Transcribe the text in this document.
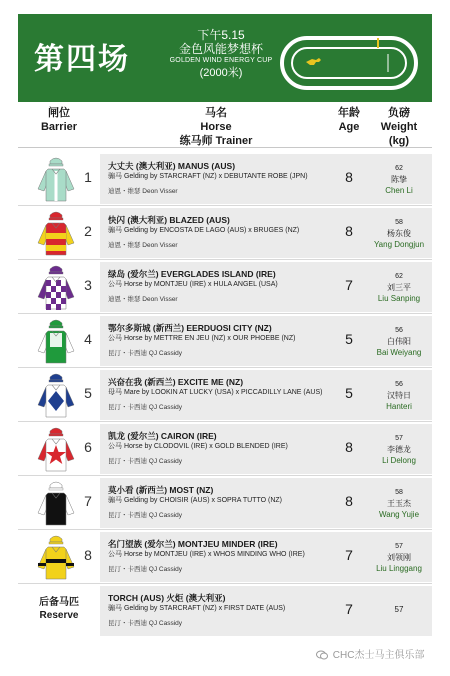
第四场
下午5.15
金色风能梦想杯
GOLDEN WIND ENERGY CUP
(2000米)
闸位
Barrier
马名
Horse
练马师 Trainer
年龄
Age
负磅
Weight
(kg)
1
大丈夫 (澳大利亚) MANUS (AUS)
骟马 Gelding by STARCRAFT (NZ) x DEBUTANTE ROBE (JPN)
迪恩・维瑟 Deon Visser
8
62
陈挚
Chen Li
2
快闪 (澳大利亚) BLAZED (AUS)
骟马 Gelding by ENCOSTA DE LAGO (AUS) x BRUGES (NZ)
迪恩・维瑟 Deon Visser
8
58
杨东俊
Yang Dongjun
3
绿岛 (爱尔兰) EVERGLADES ISLAND (IRE)
公马 Horse by MONTJEU (IRE) x HULA ANGEL (USA)
迪恩・维瑟 Deon Visser
7
62
刘三平
Liu Sanping
4
鄂尔多斯城 (新西兰) EERDUOSI CITY (NZ)
公马 Horse by METTRE EN JEU (NZ) x OUR PHOEBE (NZ)
昆汀・卡西迪 QJ Cassidy
5
56
白伟阳
Bai Weiyang
5
兴奋在我 (新西兰) EXCITE ME (NZ)
母马 Mare by LOOKIN AT LUCKY (USA) x PICCADILLY LANE (AUS)
昆汀・卡西迪 QJ Cassidy
5
56
汉特日
Hanteri
6
凯龙 (爱尔兰) CAIRON (IRE)
公马 Horse by CLODOVIL (IRE) x GOLD BLENDED (IRE)
昆汀・卡西迪 QJ Cassidy
8
57
李德龙
Li Delong
7
莫小看 (新西兰) MOST (NZ)
骟马 Gelding by CHOISIR (AUS) x SOPRA TUTTO (NZ)
昆汀・卡西迪 QJ Cassidy
8
58
王玉杰
Wang Yujie
8
名门望族 (爱尔兰) MONTJEU MINDER (IRE)
公马 Horse by MONTJEU (IRE) x WHOS MINDING WHO (IRE)
昆汀・卡西迪 QJ Cassidy
7
57
刘领刚
Liu Linggang
后备马匹
Reserve
TORCH (AUS) 火炬 (澳大利亚)
骟马 Gelding by STARCRAFT (NZ) x FIRST DATE (AUS)
昆汀・卡西迪 QJ Cassidy
7	57
CHC杰士马主俱乐部
